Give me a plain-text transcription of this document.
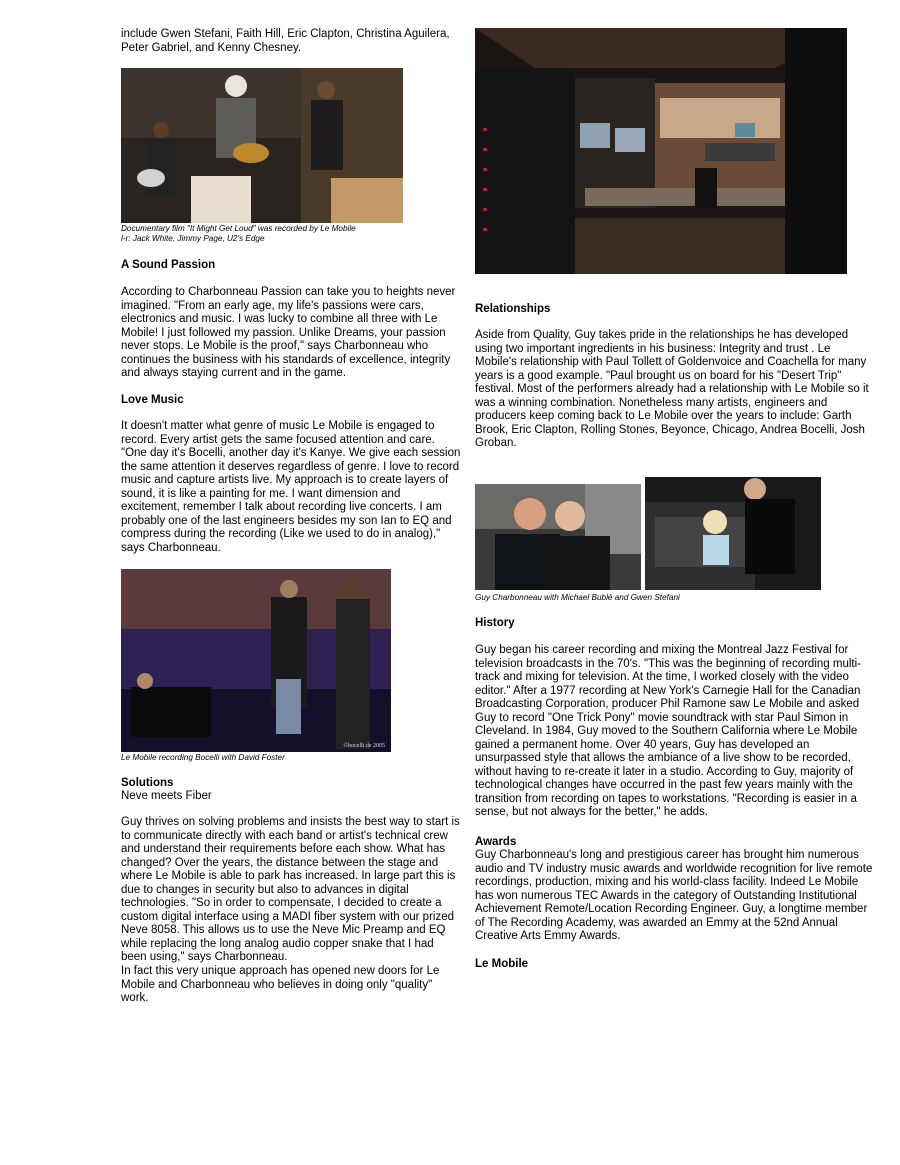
include Gwen Stefani, Faith Hill, Eric Clapton, Christina Aguilera, Peter Gabriel, and Kenny Chesney.

Documentary film "It Might Get Loud" was recorded by Le Mobile

l-r: Jack White, Jimmy Page, U2's Edge

A Sound Passion

According to Charbonneau Passion can take you to heights never imagined. "From an early age, my life's passions were cars, electronics and music. I was lucky to combine all three with Le Mobile! I just followed my passion. Unlike Dreams, your passion never stops. Le Mobile is the proof," says Charbonneau who continues the business with his standards of excellence, integrity and always staying current and in the game.

Love Music

It doesn't matter what genre of music Le Mobile is engaged to record. Every artist gets the same focused attention and care. "One day it's Bocelli, another day it's Kanye. We give each session the same attention it deserves regardless of genre. I love to record music and capture artists live. My approach is to create layers of sound, it is like a painting for me. I want dimension and excitement, remember I talk about recording live concerts. I am probably one of the last engineers besides my son Ian to EQ and compress during the recording (Like we used to do in analog)," says Charbonneau.

©bocelli.de 2005

Le Mobile recording Bocelli with David Foster

Solutions

Neve meets Fiber

Guy thrives on solving problems and insists the best way to start is to communicate directly with each band or artist's technical crew and understand their requirements before each show. What has changed? Over the years, the distance between the stage and where Le Mobile is able to park has increased. In large part this is due to changes in security but also to advances in digital technologies. "So in order to compensate, I decided to create a custom digital interface using a MADI fiber system with our prized Neve 8058. This allows us to use the Neve Mic Preamp and EQ while replacing the long analog audio copper snake that I had been using," says Charbonneau.

In fact this very unique approach has opened new doors for Le Mobile and Charbonneau who believes in doing only "quality" work.

Relationships

Aside from Quality, Guy takes pride in the relationships he has developed using two important ingredients in his business: Integrity and trust . Le Mobile's relationship with Paul Tollett of Goldenvoice and Coachella for many years is a good example. "Paul brought us on board for his "Desert Trip" festival. Most of the performers already had a relationship with Le Mobile so it was a winning combination. Nonetheless many artists, engineers and producers keep coming back to Le Mobile over the years to include: Garth Brook, Eric Clapton, Rolling Stones, Beyonce, Chicago, Andrea Bocelli, Josh Groban.

Guy Charbonneau with Michael Bublé and Gwen Stefani

History

Guy began his career recording and mixing the Montreal Jazz Festival for television broadcasts in the 70's. "This was the beginning of recording multi-track and mixing for television. At the time, I worked closely with the video editor." After a 1977 recording at New York's Carnegie Hall for the Canadian Broadcasting Corporation, producer Phil Ramone saw Le Mobile and asked Guy to record "One Trick Pony" movie soundtrack with star Paul Simon in Cleveland. In 1984, Guy moved to the Southern California where Le Mobile gained a permanent home. Over 40 years, Guy has developed an unsurpassed style that allows the ambiance of a live show to be recorded, without having to re-create it later in a studio. According to Guy, majority of technological changes have occurred in the past few years mainly with the transition from recording on tapes to workstations. "Recording is easier in a sense, but not always for the better," he adds.

Awards

Guy Charbonneau's long and prestigious career has brought him numerous audio and TV industry music awards and worldwide recognition for live remote recordings, production, mixing and his world-class facility. Indeed Le Mobile has won numerous TEC Awards in the category of Outstanding Institutional Achievement Remote/Location Recording Engineer. Guy, a longtime member of The Recording Academy, was awarded an Emmy at the 52nd Annual Creative Arts Emmy Awards.

Le Mobile
